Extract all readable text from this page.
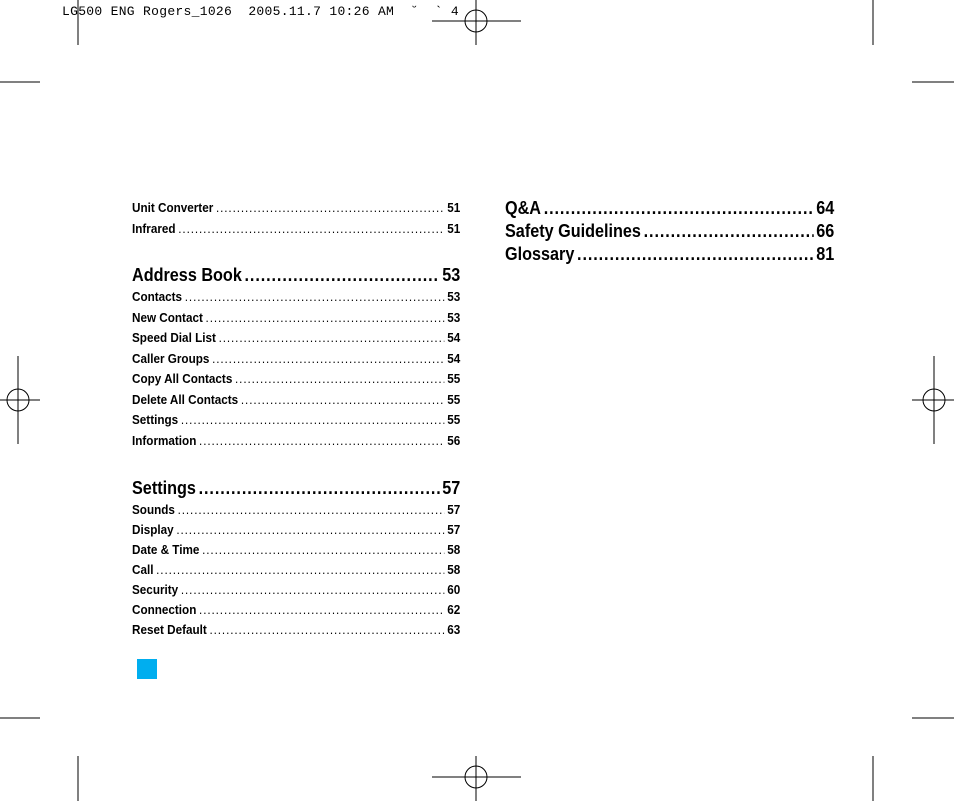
LG500 ENG Rogers_1026  2005.11.7 10:26 AM  ˘  ` 4
Unit Converter .....	51
Infrared .....	51
Address Book .....	53
Contacts .....	53
New Contact .....	53
Speed Dial List .....	54
Caller Groups .....	54
Copy All Contacts .....	55
Delete All Contacts .....	55
Settings .....	55
Information .....	56
Settings .....	57
Sounds .....	57
Display .....	57
Date & Time .....	58
Call .....	58
Security .....	60
Connection .....	62
Reset Default .....	63
Q&A .....	64
Safety Guidelines .....	66
Glossary .....	81
